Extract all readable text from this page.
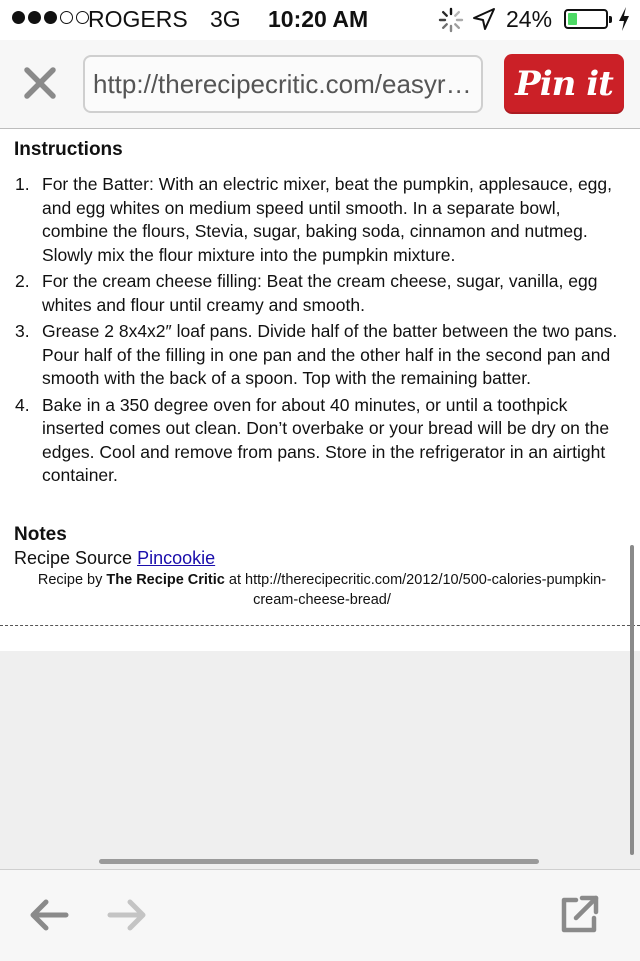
ROGERS 3G 10:20 AM	24%
http://therecipecritic.com/easyr…	Pin it
Instructions
1. For the Batter: With an electric mixer, beat the pumpkin, applesauce, egg, and egg whites on medium speed until smooth. In a separate bowl, combine the flours, Stevia, sugar, baking soda, cinnamon and nutmeg. Slowly mix the flour mixture into the pumpkin mixture.
2. For the cream cheese filling: Beat the cream cheese, sugar, vanilla, egg whites and flour until creamy and smooth.
3. Grease 2 8x4x2″ loaf pans. Divide half of the batter between the two pans. Pour half of the filling in one pan and the other half in the second pan and smooth with the back of a spoon. Top with the remaining batter.
4. Bake in a 350 degree oven for about 40 minutes, or until a toothpick inserted comes out clean. Don’t overbake or your bread will be dry on the edges. Cool and remove from pans. Store in the refrigerator in an airtight container.
Notes
Recipe Source Pincookie
Recipe by The Recipe Critic at http://therecipecritic.com/2012/10/500-calories-pumpkin-cream-cheese-bread/
